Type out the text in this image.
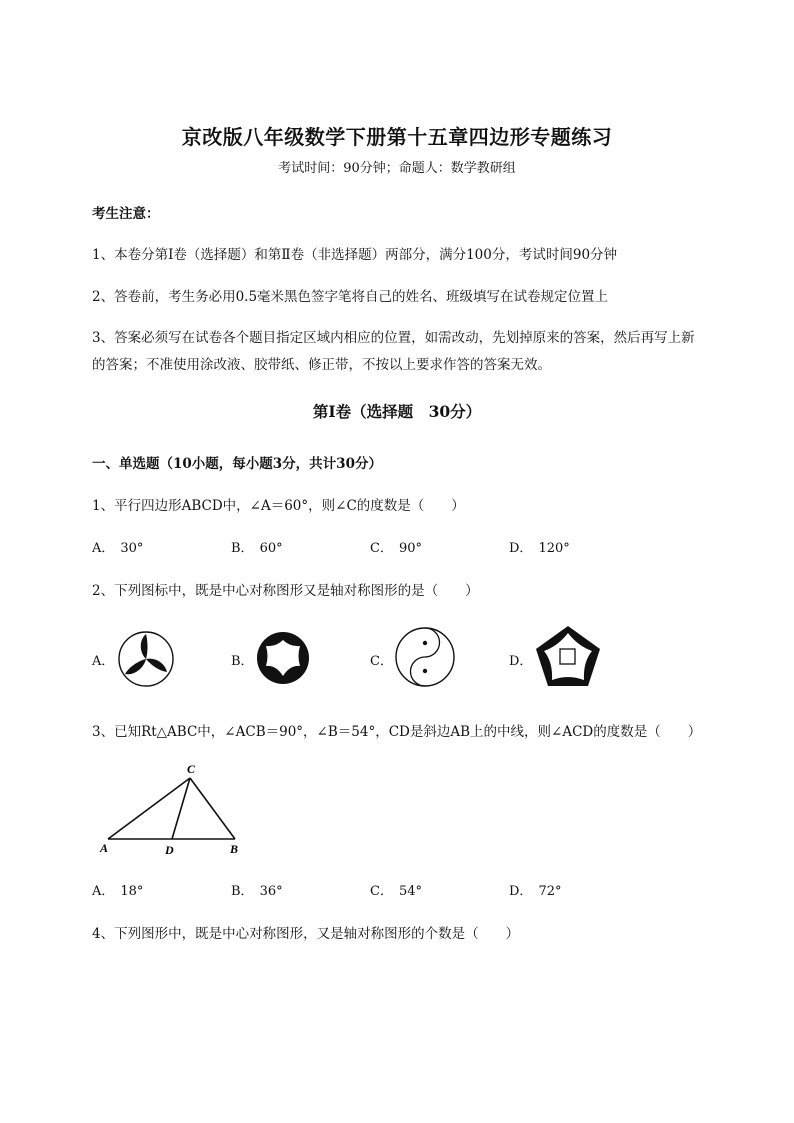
京改版八年级数学下册第十五章四边形专题练习
考试时间：90分钟；命题人：数学教研组
考生注意：
1、本卷分第I卷（选择题）和第Ⅱ卷（非选择题）两部分，满分100分，考试时间90分钟
2、答卷前，考生务必用0.5毫米黑色签字笔将自己的姓名、班级填写在试卷规定位置上
3、答案必须写在试卷各个题目指定区域内相应的位置，如需改动，先划掉原来的答案，然后再写上新
的答案；不准使用涂改液、胶带纸、修正带，不按以上要求作答的答案无效。
第I卷（选择题　30分）
一、单选题（10小题，每小题3分，共计30分）
1、平行四边形ABCD中，∠A＝60°，则∠C的度数是（　　）
A． 30°	B． 60°	C． 90°	D． 120°
2、下列图标中，既是中心对称图形又是轴对称图形的是（　　）
A．	B．	C．	D．
3、已知Rt△ABC中，∠ACB＝90°，∠B＝54°，CD是斜边AB上的中线，则∠ACD的度数是（　　）
C
A	D	B
A． 18°	B． 36°	C． 54°	D． 72°
4、下列图形中，既是中心对称图形，又是轴对称图形的个数是（　　）
